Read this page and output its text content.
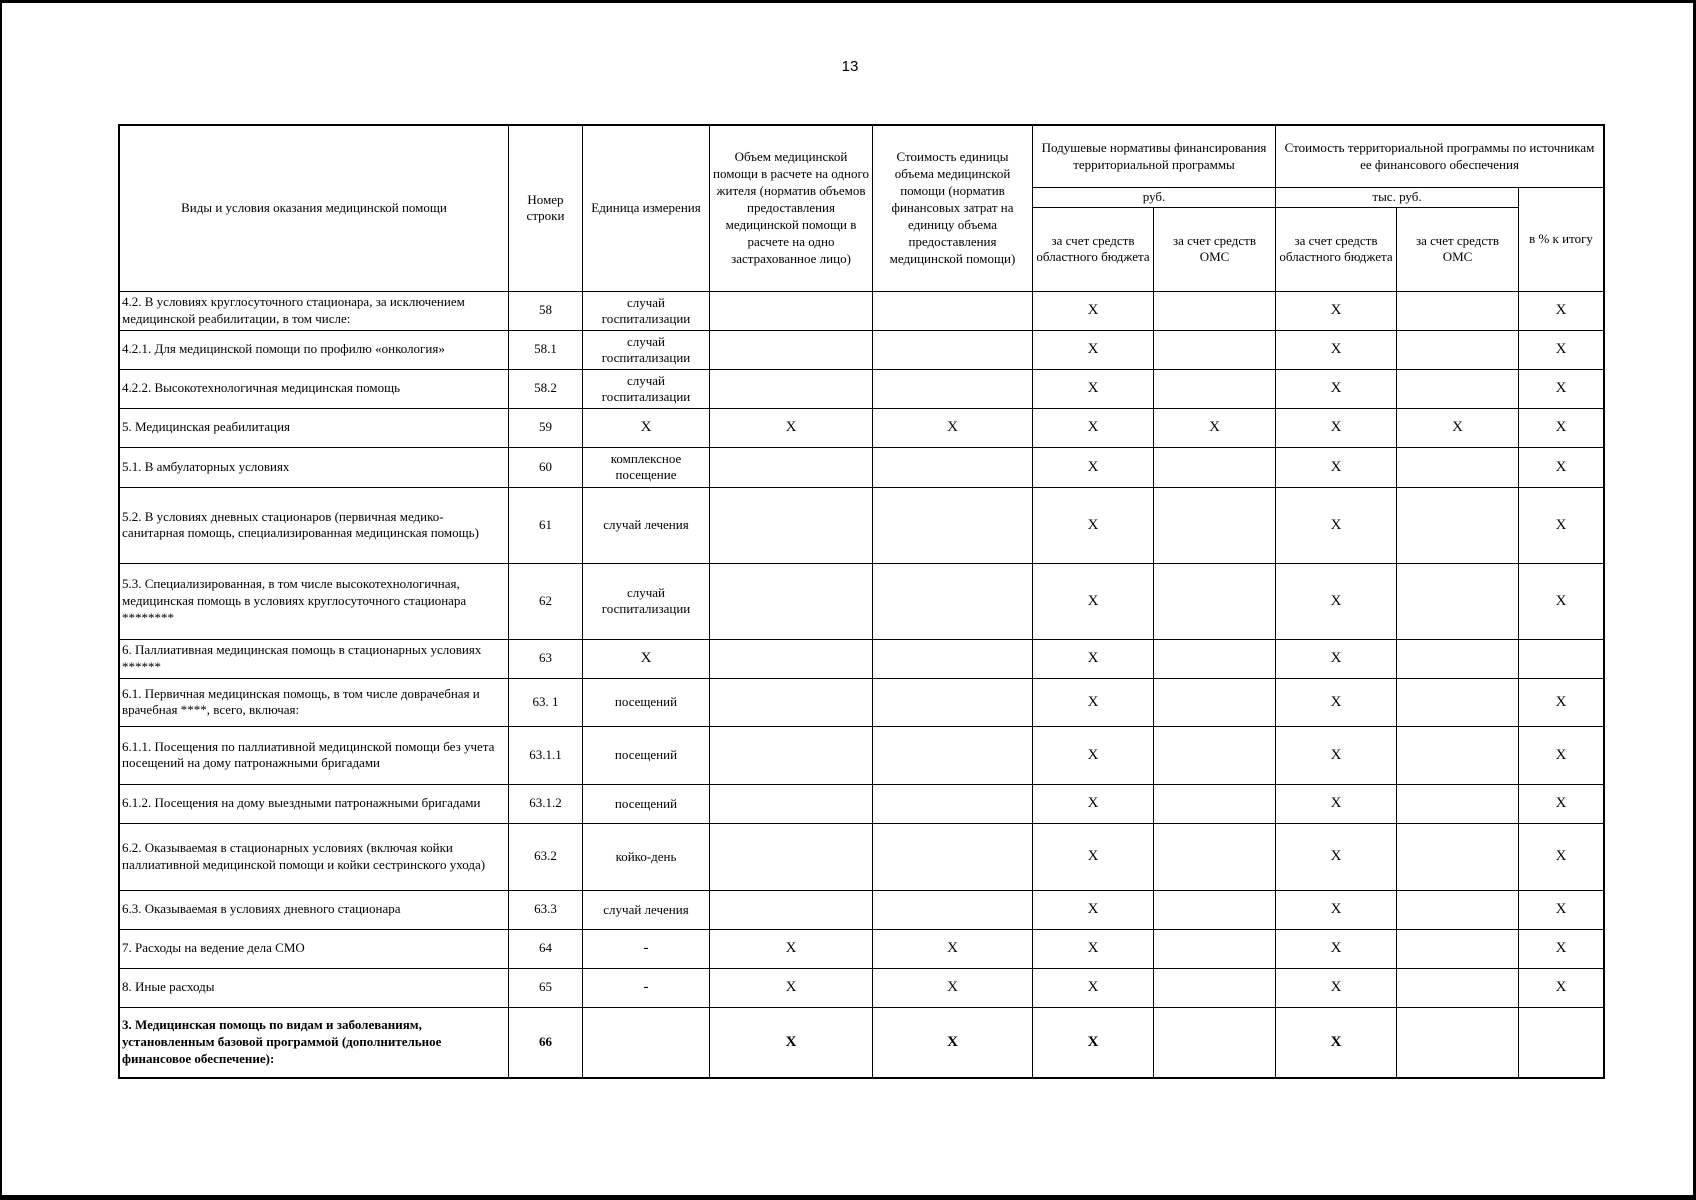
13
Виды и условия оказания медицинской помощи	Номер строки	Единица измерения	Объем медицинской помощи в расчете на одного жителя (норматив объемов предоставления медицинской помощи в расчете на одно застрахованное лицо)	Стоимость единицы объема медицинской помощи (норматив финансовых затрат на единицу объема предоставления медицинской помощи)	Подушевые нормативы финансирования территориальной программы		Стоимость территориальной программы по источникам ее финансового обеспечения		
					руб.		тыс. руб.		в % к итогу
					за счет средств областного бюджета	за счет средств ОМС	за счет средств областного бюджета	за счет средств ОМС	
4.2. В условиях круглосуточного стационара, за исключением медицинской реабилитации, в том числе:	58	случай госпитализации			X		X		X
4.2.1. Для медицинской помощи по профилю «онкология»	58.1	случай госпитализации			X		X		X
4.2.2. Высокотехнологичная медицинская помощь	58.2	случай госпитализации			X		X		X
5. Медицинская реабилитация	59	X	X	X	X	X	X	X	X
5.1. В амбулаторных условиях	60	комплексное посещение			X		X		X
5.2. В условиях дневных стационаров (первичная медико-санитарная помощь, специализированная медицинская помощь)	61	случай лечения			X		X		X
5.3. Специализированная, в том числе высокотехнологичная, медицинская помощь в условиях круглосуточного стационара ********	62	случай госпитализации			X		X		X
6. Паллиативная медицинская помощь в стационарных условиях ******	63	X			X		X		
6.1. Первичная медицинская помощь, в том числе доврачебная и врачебная ****, всего, включая:	63. 1	посещений			X		X		X
6.1.1. Посещения по паллиативной медицинской помощи без учета посещений на дому патронажными бригадами	63.1.1	посещений			X		X		X
6.1.2. Посещения на дому выездными патронажными бригадами	63.1.2	посещений			X		X		X
6.2. Оказываемая в стационарных условиях (включая койки паллиативной медицинской помощи и койки сестринского ухода)	63.2	койко-день			X		X		X
6.3. Оказываемая в условиях дневного стационара	63.3	случай лечения			X		X		X
7. Расходы на ведение дела СМО	64	-	X	X	X		X		X
8. Иные расходы	65	-	X	X	X		X		X
3. Медицинская помощь по видам и заболеваниям, установленным базовой программой (дополнительное финансовое обеспечение):	66		X	X	X		X		
